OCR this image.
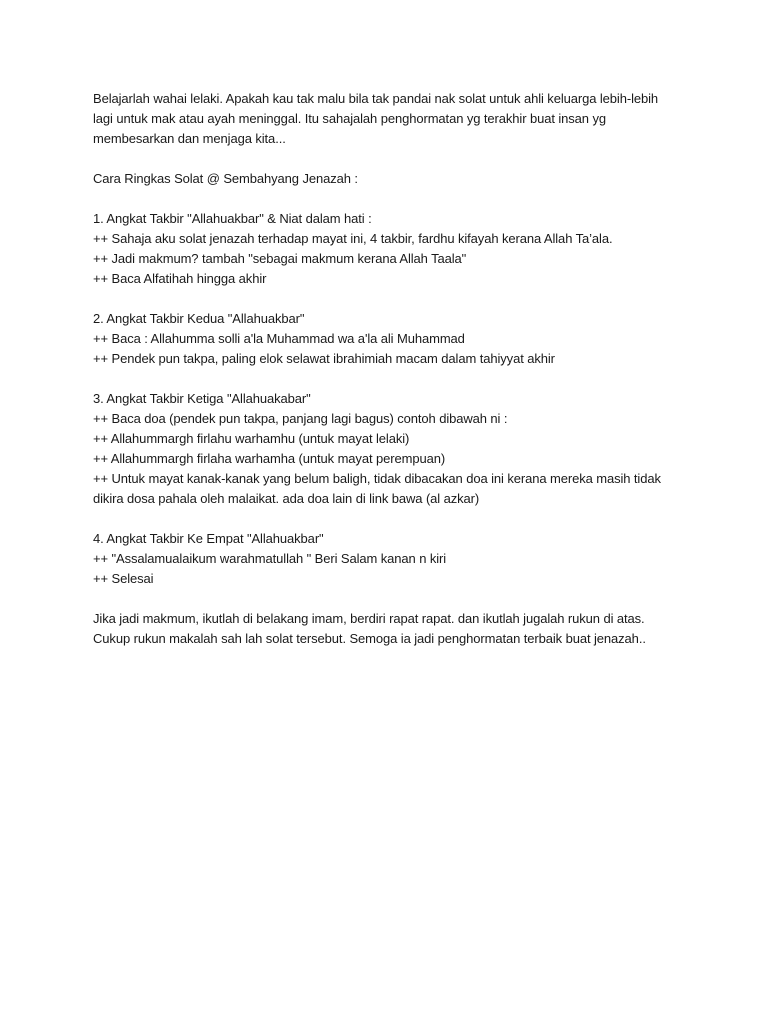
Belajarlah wahai lelaki. Apakah kau tak malu bila tak pandai nak solat untuk ahli keluarga lebih-lebih
lagi untuk mak atau ayah meninggal. Itu sahajalah penghormatan yg terakhir buat insan yg
membesarkan dan menjaga kita...
Cara Ringkas Solat @ Sembahyang Jenazah :
1. Angkat Takbir "Allahuakbar" & Niat dalam hati :
++ Sahaja aku solat jenazah terhadap mayat ini, 4 takbir, fardhu kifayah kerana Allah Ta’ala.
++ Jadi makmum? tambah "sebagai makmum kerana Allah Taala"
++ Baca Alfatihah hingga akhir
2. Angkat Takbir Kedua "Allahuakbar"
++ Baca : Allahumma solli a'la Muhammad wa a'la ali Muhammad
++ Pendek pun takpa, paling elok selawat ibrahimiah macam dalam tahiyyat akhir
3. Angkat Takbir Ketiga "Allahuakabar"
++ Baca doa (pendek pun takpa, panjang lagi bagus) contoh dibawah ni :
++ Allahummargh firlahu warhamhu (untuk mayat lelaki)
++ Allahummargh firlaha warhamha (untuk mayat perempuan)
++ Untuk mayat kanak-kanak yang belum baligh, tidak dibacakan doa ini kerana mereka masih tidak
dikira dosa pahala oleh malaikat. ada doa lain di link bawa (al azkar)
4. Angkat Takbir Ke Empat "Allahuakbar"
++ "Assalamualaikum warahmatullah " Beri Salam kanan n kiri
++ Selesai
Jika jadi makmum, ikutlah di belakang imam, berdiri rapat rapat. dan ikutlah jugalah rukun di atas.
Cukup rukun makalah sah lah solat tersebut. Semoga ia jadi penghormatan terbaik buat jenazah..
